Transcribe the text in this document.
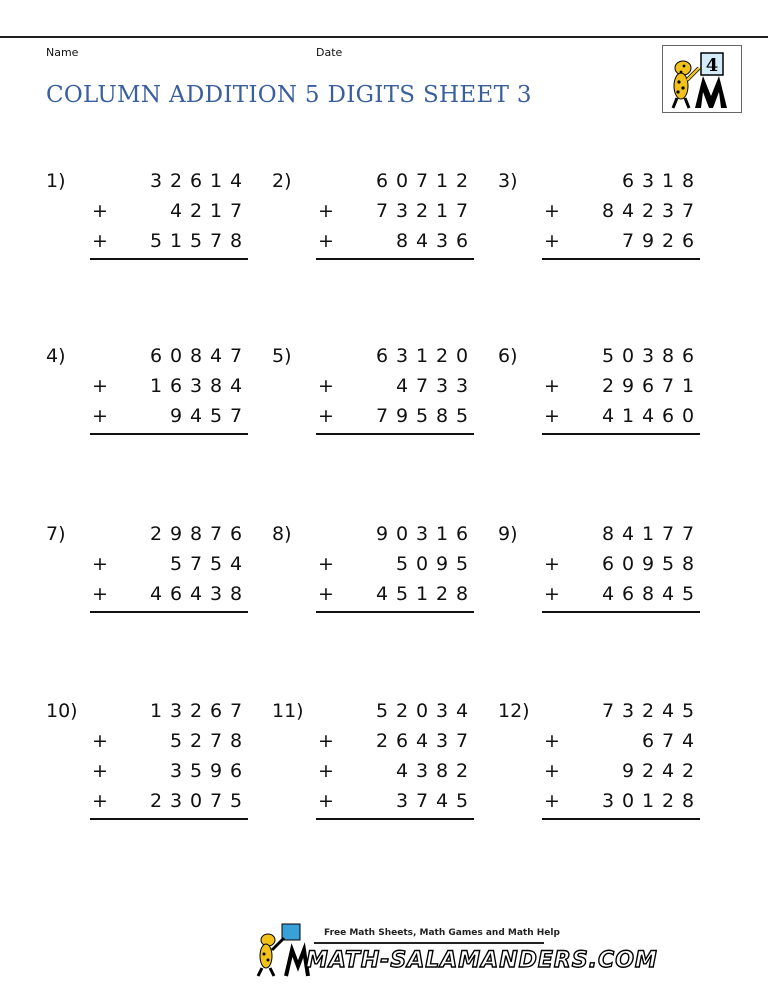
Name	Date
COLUMN ADDITION 5 DIGITS SHEET 3
4
1)	3 2 6 1 4
+	4 2 1 7
+ 5 1 5 7 8
2)	6 0 7 1 2
+ 7 3 2 1 7
+	8 4 3 6
3)	6 3 1 8
+ 8 4 2 3 7
+	7 9 2 6
4)	6 0 8 4 7
+ 1 6 3 8 4
+	9 4 5 7
5)	6 3 1 2 0
+	4 7 3 3
+ 7 9 5 8 5
6)	5 0 3 8 6
+ 2 9 6 7 1
+ 4 1 4 6 0
7)	2 9 8 7 6
+	5 7 5 4
+ 4 6 4 3 8
8)	9 0 3 1 6
+	5 0 9 5
+ 4 5 1 2 8
9)	8 4 1 7 7
+ 6 0 9 5 8
+ 4 6 8 4 5
10)	1 3 2 6 7
+	5 2 7 8
+	3 5 9 6
+ 2 3 0 7 5
11)	5 2 0 3 4
+ 2 6 4 3 7
+	4 3 8 2
+	3 7 4 5
12)	7 3 2 4 5
+	6 7 4
+	9 2 4 2
+ 3 0 1 2 8
Free Math Sheets, Math Games and Math Help
MATH-SALAMANDERS.COM
